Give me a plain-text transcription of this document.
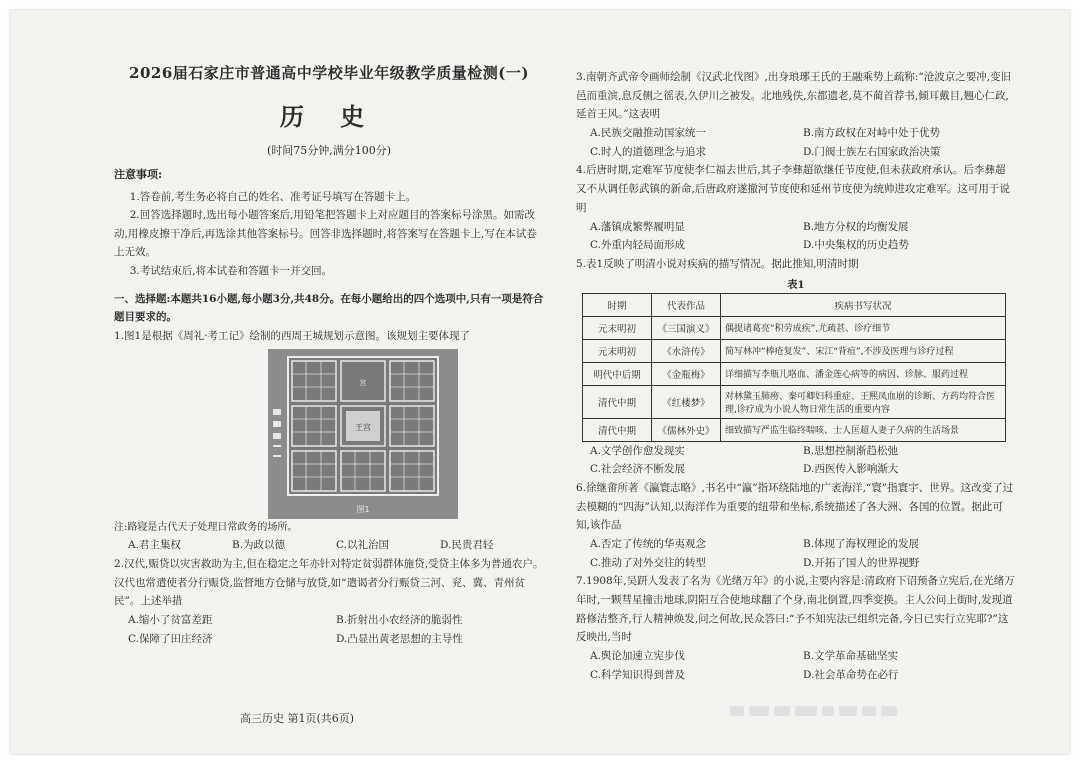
2026届石家庄市普通高中学校毕业年级教学质量检测(一)
历 史
(时间75分钟,满分100分)
注意事项:

1.答卷前,考生务必将自己的姓名、准考证号填写在答题卡上。

2.回答选择题时,选出每小题答案后,用铅笔把答题卡上对应题目的答案标号涂黑。如需改动,用橡皮擦干净后,再选涂其他答案标号。回答非选择题时,将答案写在答题卡上,写在本试卷上无效。

3.考试结束后,将本试卷和答题卡一并交回。

一、选择题:本题共16小题,每小题3分,共48分。在每小题给出的四个选项中,只有一项是符合题目要求的。

1.图1是根据《周礼·考工记》绘制的西周王城规划示意图。该规划主要体现了

王宫
宫
图1
注:路寝是古代天子处理日常政务的场所。
A.君主集权	B.为政以德	C.以礼治国	D.民贵君轻

2.汉代,赈贷以灾害救助为主,但在稳定之年亦针对特定贫弱群体施贷,受贷主体多为普通农户。汉代也常遣使者分行赈贷,监督地方仓储与放贷,如“遣谒者分行赈贷三河、兖、冀、青州贫民”。上述举措

A.缩小了贫富差距	B.折射出小农经济的脆弱性
C.保障了田庄经济	D.凸显出黄老思想的主导性

3.南朝齐武帝令画师绘制《汉武北伐图》,出身琅琊王氏的王融乘势上疏称:“沧波京之要冲,变旧邑而重滨,息反侧之徭表,久伊川之被发。北地残佚,东都遗老,莫不蔺首荐书,倾耳戴目,翘心仁政,延首王风。”这表明

A.民族交融推动国家统一	B.南方政权在对峙中处于优势
C.时人的道德理念与追求	D.门阀士族左右国家政治决策

4.后唐时期,定难军节度使李仁福去世后,其子李彝超欲继任节度使,但未获政府承认。后李彝超又不从调任彰武镇的新命,后唐政府遂撤河节度使和延州节度使为统帅进攻定难军。这可用于说明

A.藩镇成繁弊履明显	B.地方分权的均衡发展
C.外重内轻局面形成	D.中央集权的历史趋势

5.表1反映了明清小说对疾病的描写情况。据此推知,明清时期

表1
时期	代表作品	疾病书写状况
元末明初	《三国演义》	偶提诸葛亮“积劳成疾”,尤疏甚、诊疗细节
元末明初	《水浒传》	简写林冲“棒疮复发”、宋江“背疽”,不涉及医理与诊疗过程
明代中后期	《金瓶梅》	详细描写李瓶儿咯血、潘金莲心病等的病因、诊脉、服药过程
清代中期	《红楼梦》	对林黛玉肺痨、秦可卿妇科重症、王熙凤血崩的诊断、方药均符合医理,诊疗成为小说人物日常生活的重要内容
清代中期	《儒林外史》	细致描写严监生临终喘咳、士人匡超人妻子久病的生活场景
A.文学创作愈发现实	B.思想控制渐趋松弛
C.社会经济不断发展	D.西医传入影响渐大

6.徐继畬所著《瀛寰志略》,书名中“瀛”指环绕陆地的广袤海洋,“寰”指寰宇、世界。这改变了过去模糊的“四海”认知,以海洋作为重要的纽带和坐标,系统描述了各大洲、各国的位置。据此可知,该作品

A.否定了传统的华夷观念	B.体现了海权理论的发展
C.推动了对外交往的转型	D.开拓了国人的世界视野

7.1908年,吴趼人发表了名为《光绪万年》的小说,主要内容是:清政府下诏预备立宪后,在光绪万年时,一颗彗星撞击地球,阴阳互合使地球翻了个身,南北倒置,四季变换。主人公问上街时,发现道路修洁整齐,行人精神焕发,问之何故,民众答曰:“予不知宪法已组织完备,今日已实行立宪耶?”这反映出,当时

A.舆论加速立宪步伐	B.文学革命基础坚实
C.科学知识得到普及	D.社会革命势在必行
高三历史 第1页(共6页)
